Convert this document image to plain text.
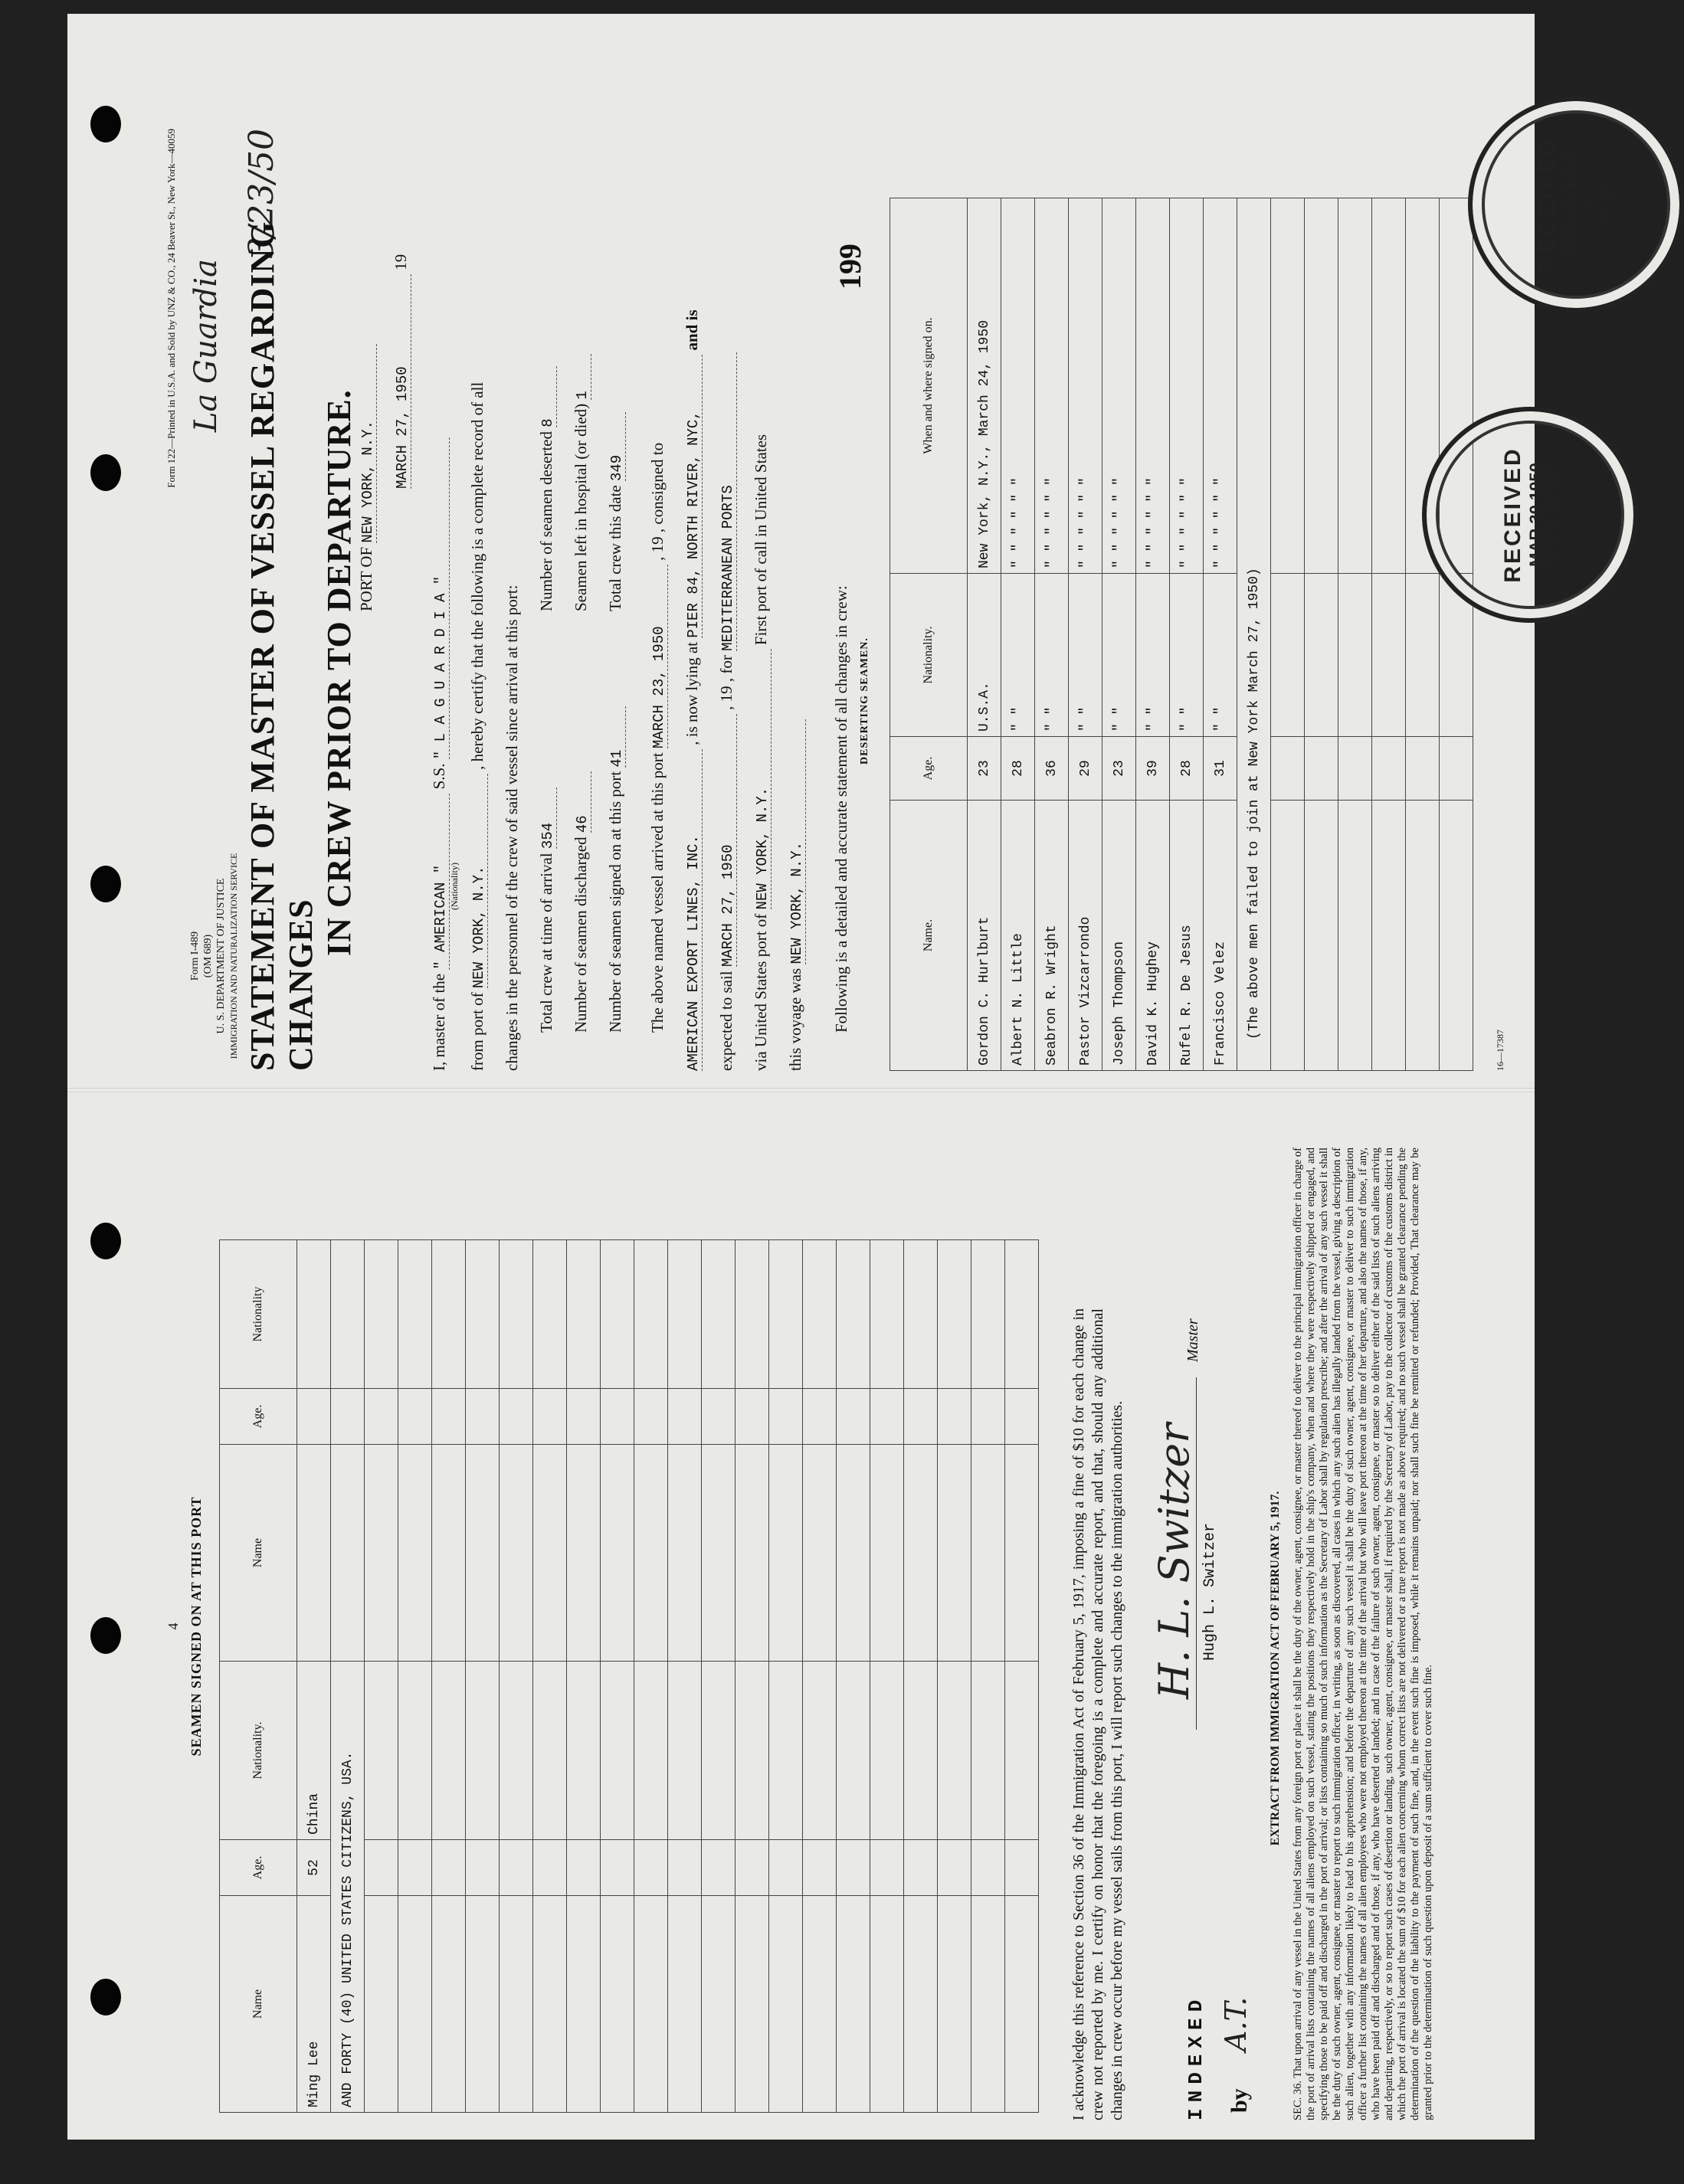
Form 122—Printed in U.S.A. and Sold by UNZ & CO., 24 Beaver St., New York—40059 La Guardia
3/23/50
Form I-489 (OM 689) U. S. DEPARTMENT OF JUSTICE IMMIGRATION AND NATURALIZATION SERVICE STATEMENT OF MASTER OF VESSEL REGARDING CHANGES
IN CREW PRIOR TO DEPARTURE. PORT OF NEW YORK, N.Y. MARCH 27, 1950 19
I, master of the " AMERICAN " S.S. " L A G U A R D I A "
(Nationality)
from port of NEW YORK, N.Y. , hereby certify that the following is a complete record of all
changes in the personnel of the crew of said vessel since arrival at this port: Total crew at time of arrival 354
Number of seamen deserted 8
Number of seamen discharged 46
Seamen left in hospital (or died) 1
Number of seamen signed on at this port 41
Total crew this date 349
The above named vessel arrived at this port MARCH 23, 1950 , 19 , consigned to
AMERICAN EXPORT LINES, INC. , is now lying at PIER 84, NORTH RIVER, NYC, and is
expected to sail MARCH 27, 1950 , 19 , for MEDITERRANEAN PORTS
via United States port of NEW YORK, N.Y. First port of call in United States
this voyage was NEW YORK, N.Y. Following is a detailed and accurate statement of all changes in crew: DESERTING SEAMEN.
199
Name.	Age.	Nationality.	When and where signed on.
Gordon C. Hurlburt	23	U.S.A.	New York, N.Y., March 24, 1950
Albert N. Little	28	" "	" " " " " "
Seabron R. Wright	36	" "	" " " " " "
Pastor Vizcarrondo	29	" "	" " " " " "
Joseph Thompson	23	" "	" " " " " "
David K. Hughey	39	" "	" " " " " "
Rufel R. De Jesus	28	" "	" " " " " "
Francisco Velez	31	" "	" " " " " "
(The above men failed to join at New York March 27, 1950)			

16—17387
RECEIVED MAR 29 1950 B Wyl
RECEIVED MAR 30 1950 RECORD DIVISION
4 SEAMEN SIGNED ON AT THIS PORT
Name	Age.	Nationality.	Name	Age.	Nationality
Ming Lee	52	China			
AND FORTY (40) UNITED STATES CITIZENS, USA.					

						I acknowledge this reference to Section 36 of the Immigration Act of February 5, 1917, imposing a fine of $10 for each change in crew not reported by me. I certify on honor that the foregoing is a complete and accurate report, and that, should any additional changes in crew occur before my vessel sails from this port, I will report such changes to the immigration authorities. H. L. Switzer Hugh L. Switzer
Master
INDEXED by
A.T.
EXTRACT FROM IMMIGRATION ACT OF FEBRUARY 5, 1917. SEC. 36. That upon arrival of any vessel in the United States from any foreign port or place it shall be the duty of the owner, agent, consignee, or master thereof to deliver to the principal immigration officer in charge of the port of arrival lists containing the names of all aliens employed on such vessel, stating the positions they respectively hold in the ship's company, when and where they were respectively shipped or engaged, and specifying those to be paid off and discharged in the port of arrival; or lists containing so much of such information as the Secretary of Labor shall by regulation prescribe; and after the arrival of any such vessel it shall be the duty of such owner, agent, consignee, or master to report to such immigration officer, in writing, as soon as discovered, all cases in which any such alien has illegally landed from the vessel, giving a description of such alien, together with any information likely to lead to his apprehension; and before the departure of any such vessel it shall be the duty of such owner, agent, consignee, or master to deliver to such immigration officer a further list containing the names of all alien employees who were not employed thereon at the time of the arrival but who will leave port thereon at the time of her departure, and also the names of those, if any, who have been paid off and discharged and of those, if any, who have deserted or landed; and in case of the failure of such owner, agent, consignee, or master so to deliver either of the said lists of such aliens arriving and departing, respectively, or so to report such cases of desertion or landing, such owner, agent, consignee, or master shall, if required by the Secretary of Labor, pay to the collector of customs of the customs district in which the port of arrival is located the sum of $10 for each alien concerning whom correct lists are not delivered or a true report is not made as above required; and no such vessel shall be granted clearance pending the determination of the question of the liability to the payment of such fine, and, in the event such fine is imposed, while it remains unpaid; nor shall such fine be remitted or refunded; Provided, That clearance may be granted prior to the determination of such question upon deposit of a sum sufficient to cover such fine.
